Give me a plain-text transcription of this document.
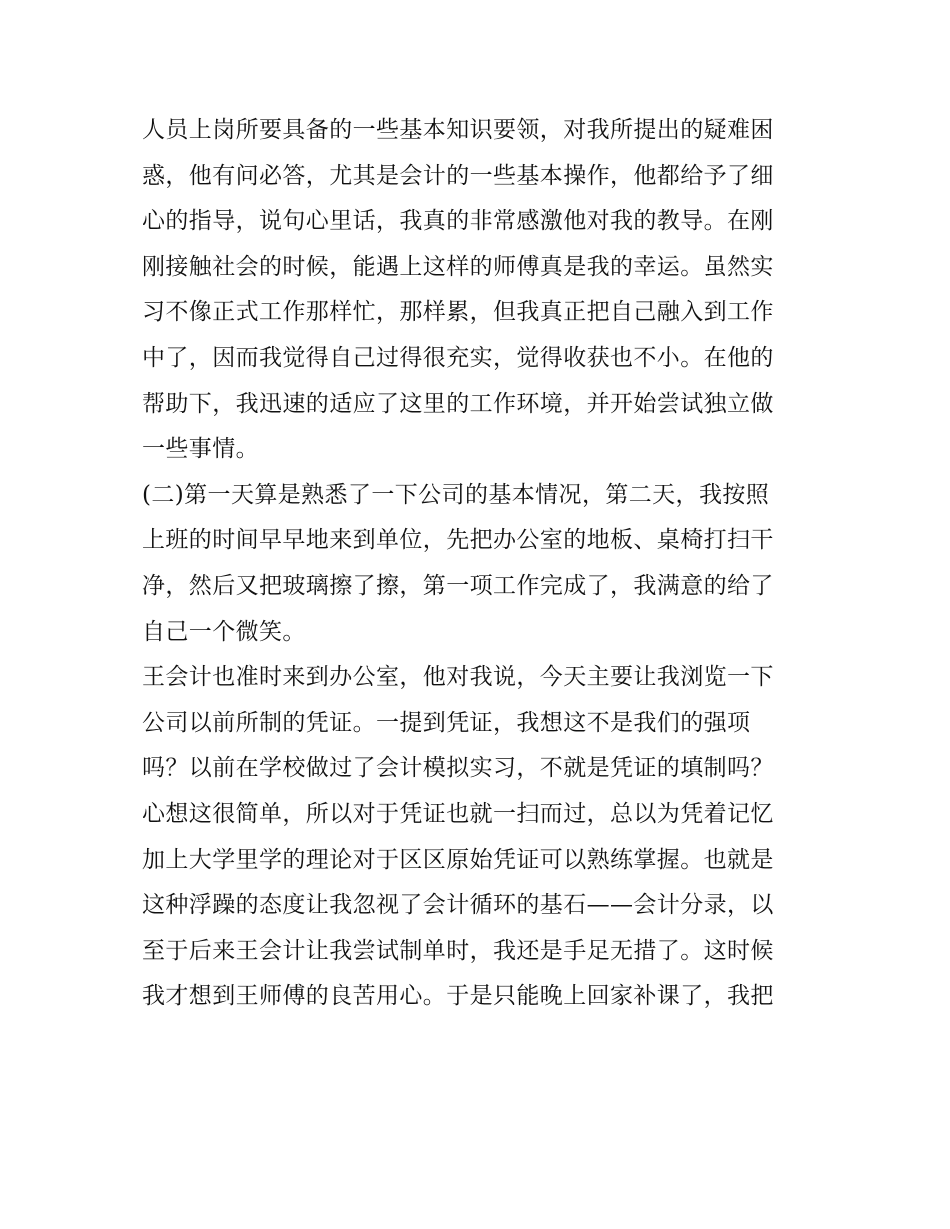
人员上岗所要具备的一些基本知识要领，对我所提出的疑难困
惑，他有问必答，尤其是会计的一些基本操作，他都给予了细
心的指导，说句心里话，我真的非常感激他对我的教导。在刚
刚接触社会的时候，能遇上这样的师傅真是我的幸运。虽然实
习不像正式工作那样忙，那样累，但我真正把自己融入到工作
中了，因而我觉得自己过得很充实，觉得收获也不小。在他的
帮助下，我迅速的适应了这里的工作环境，并开始尝试独立做
一些事情。
(二)第一天算是熟悉了一下公司的基本情况，第二天，我按照
上班的时间早早地来到单位，先把办公室的地板、桌椅打扫干
净，然后又把玻璃擦了擦，第一项工作完成了，我满意的给了
自己一个微笑。
王会计也准时来到办公室，他对我说，今天主要让我浏览一下
公司以前所制的凭证。一提到凭证，我想这不是我们的强项
吗？以前在学校做过了会计模拟实习，不就是凭证的填制吗？
心想这很简单，所以对于凭证也就一扫而过，总以为凭着记忆
加上大学里学的理论对于区区原始凭证可以熟练掌握。也就是
这种浮躁的态度让我忽视了会计循环的基石——会计分录，以
至于后来王会计让我尝试制单时，我还是手足无措了。这时候
我才想到王师傅的良苦用心。于是只能晚上回家补课了，我把
